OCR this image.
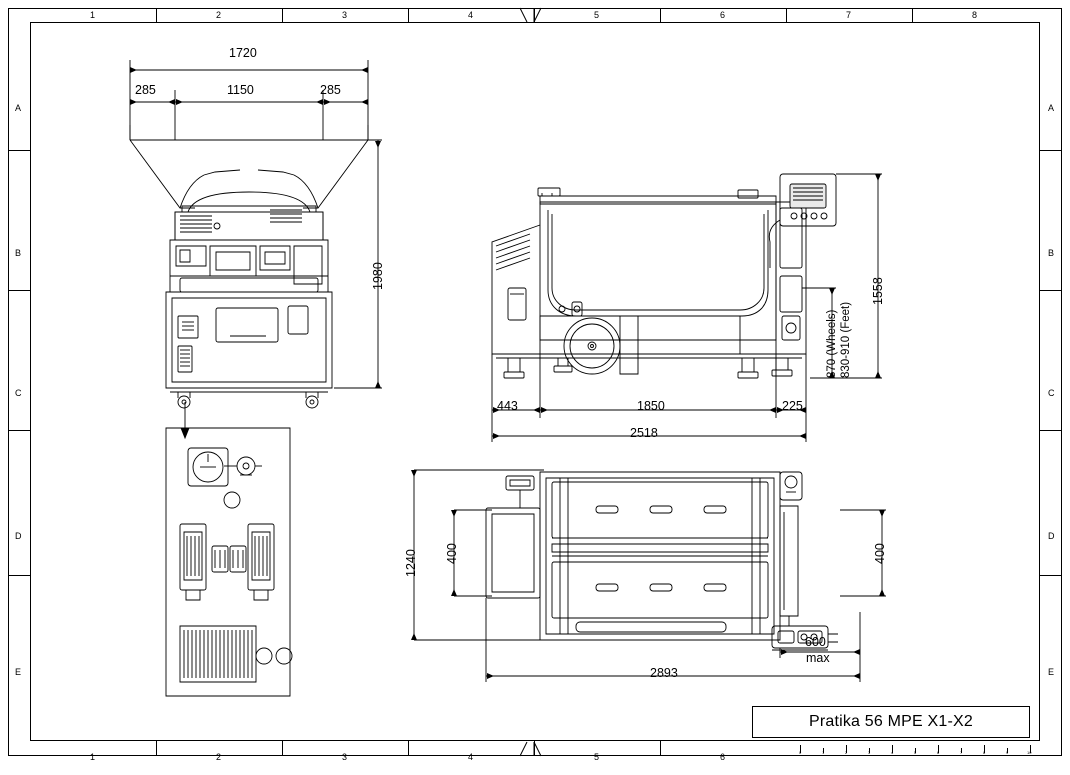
1	2	3	4	5	6	7	8
1	2	3	4	5	6
A
B
C
D
E
A
B
C
D
E
1720
285	1150	285
1980
1558
870 (Wheels) 830-910 (Feet)
443	1850	225
2518
1240 400	400
600
max
2893
Pratika 56 MPE X1-X2
0	1	2	3	4	5	6	7	8	9	10
